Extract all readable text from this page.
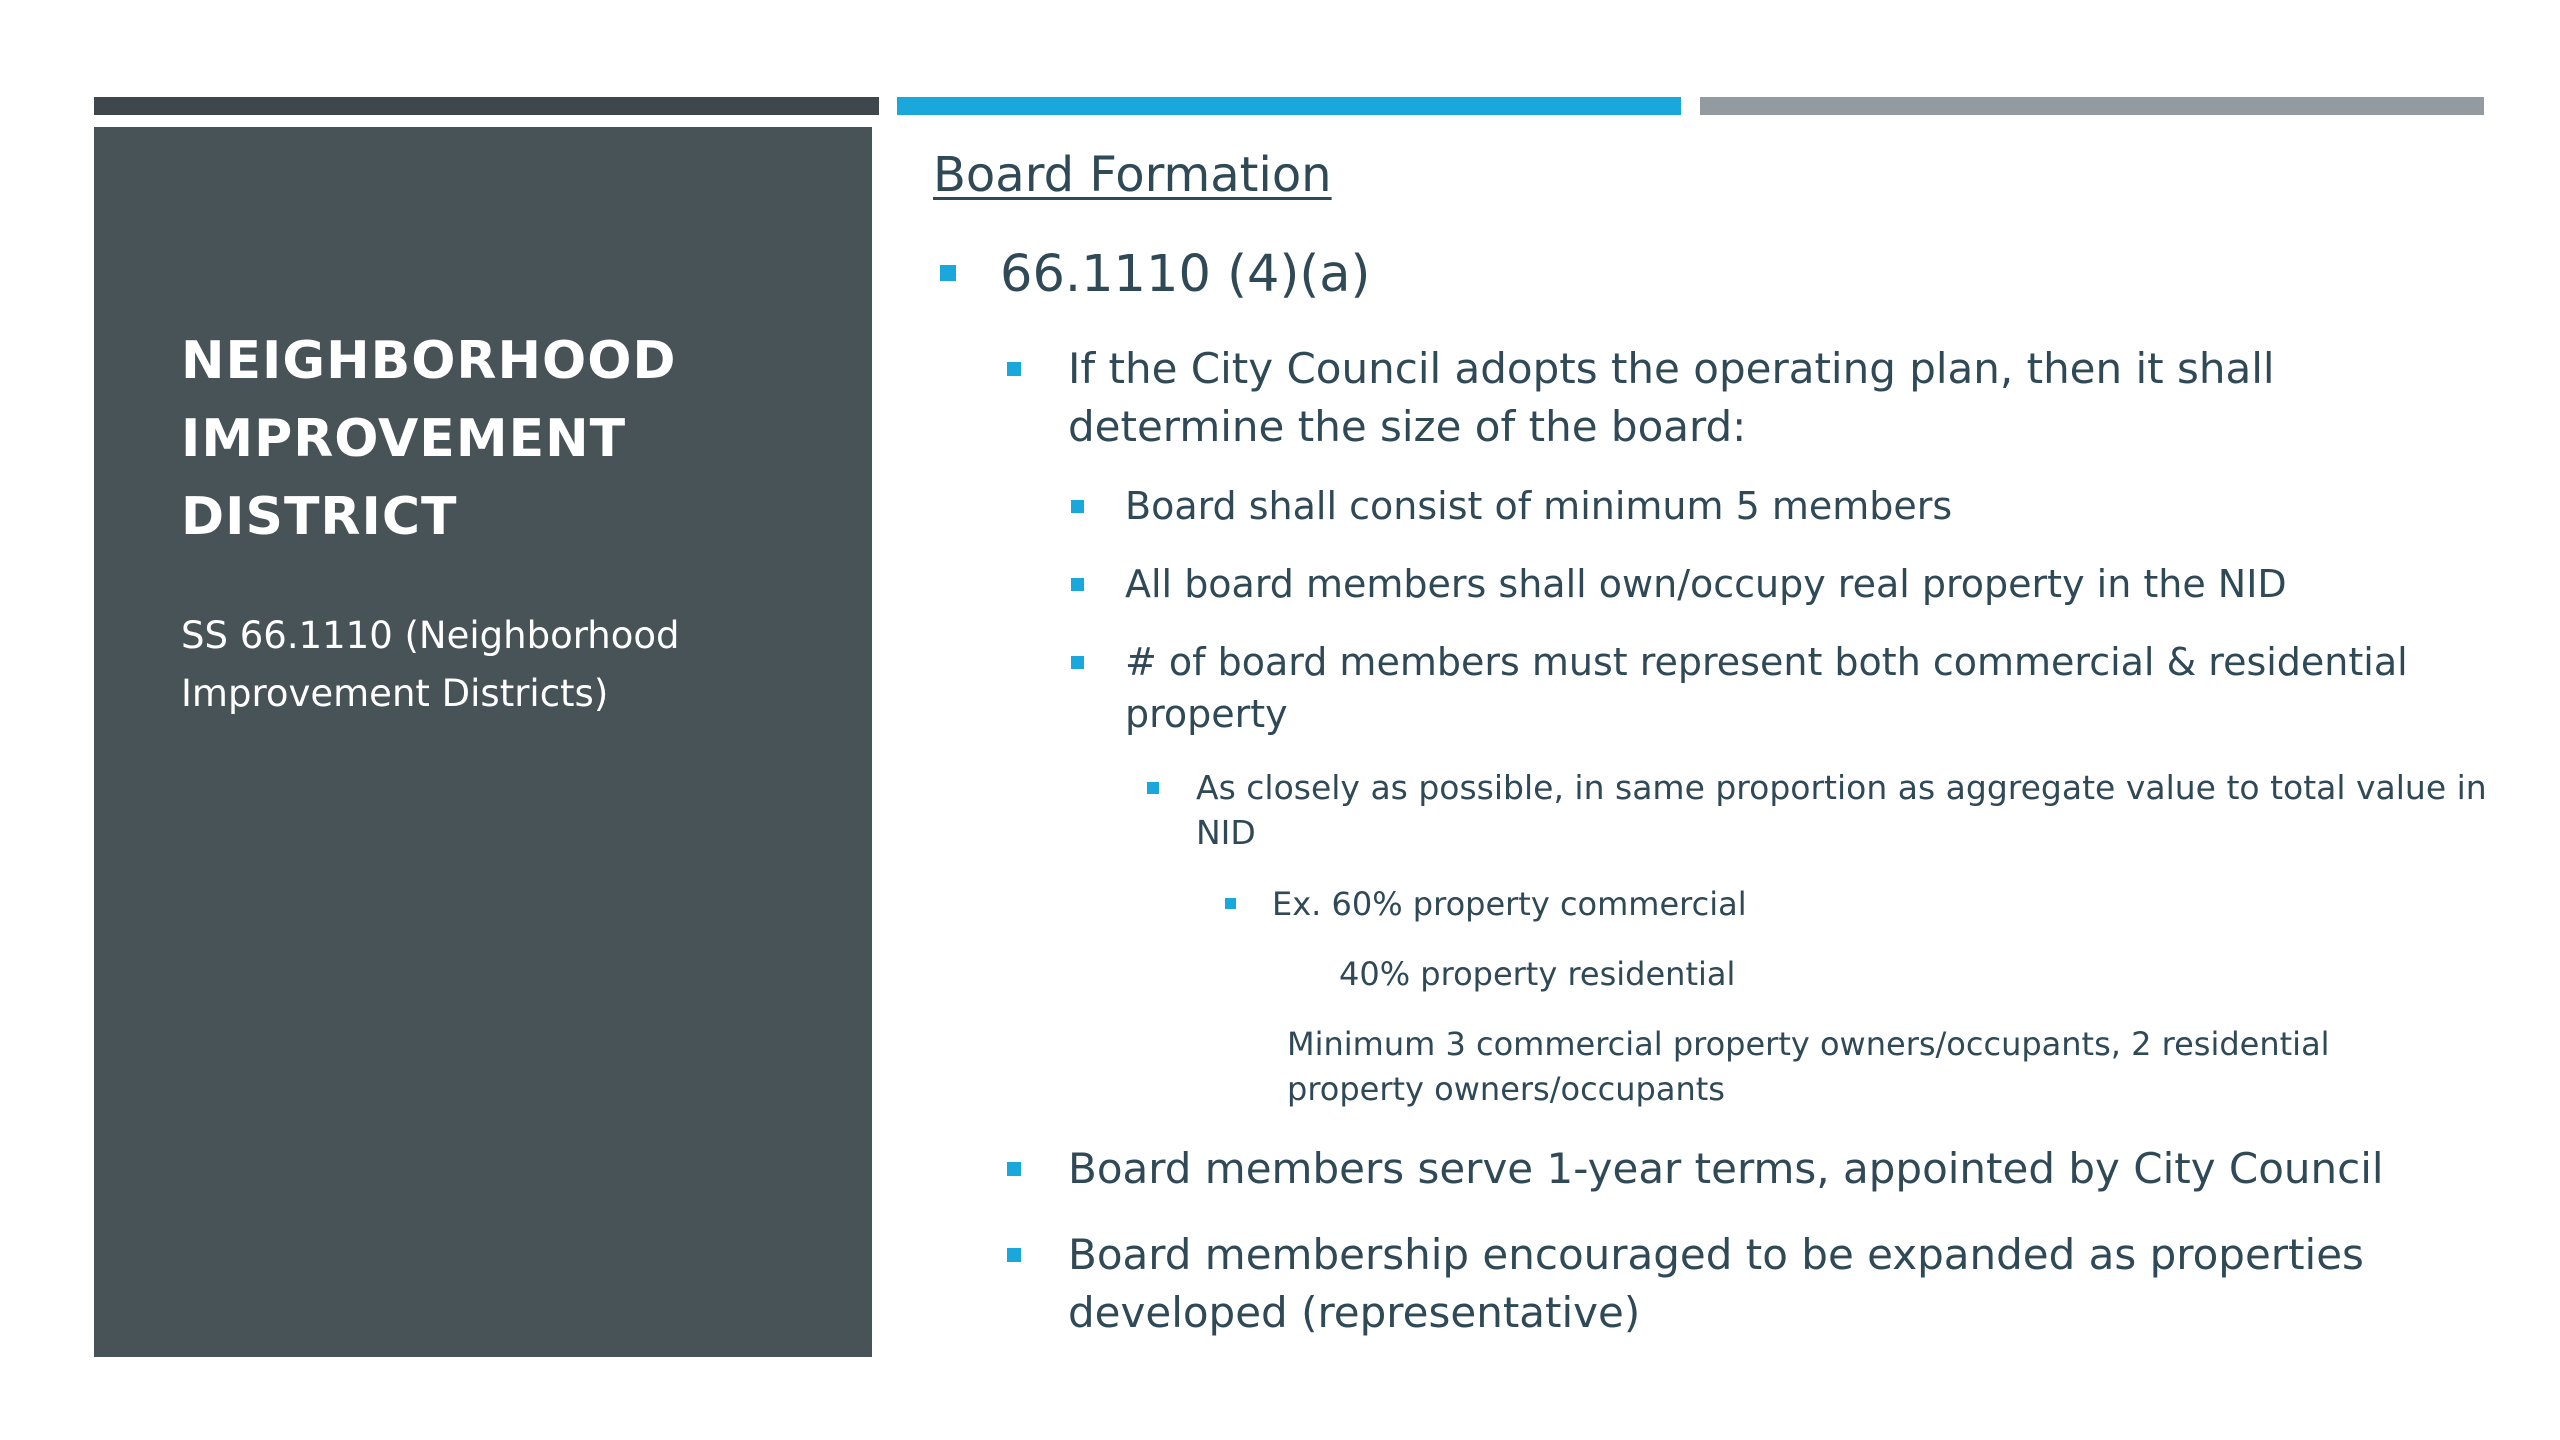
NEIGHBORHOOD
IMPROVEMENT
DISTRICT

SS 66.1110 (Neighborhood
Improvement Districts)

Board Formation

66.1110 (4)(a)

If the City Council adopts the operating plan, then it shall
determine the size of the board:

Board shall consist of minimum 5 members

All board members shall own/occupy real property in the NID

# of board members must represent both commercial & residential
property

As closely as possible, in same proportion as aggregate value to total value in
NID

Ex. 60% property commercial

40% property residential

Minimum 3 commercial property owners/occupants, 2 residential
property owners/occupants

Board members serve 1-year terms, appointed by City Council

Board membership encouraged to be expanded as properties
developed (representative)
